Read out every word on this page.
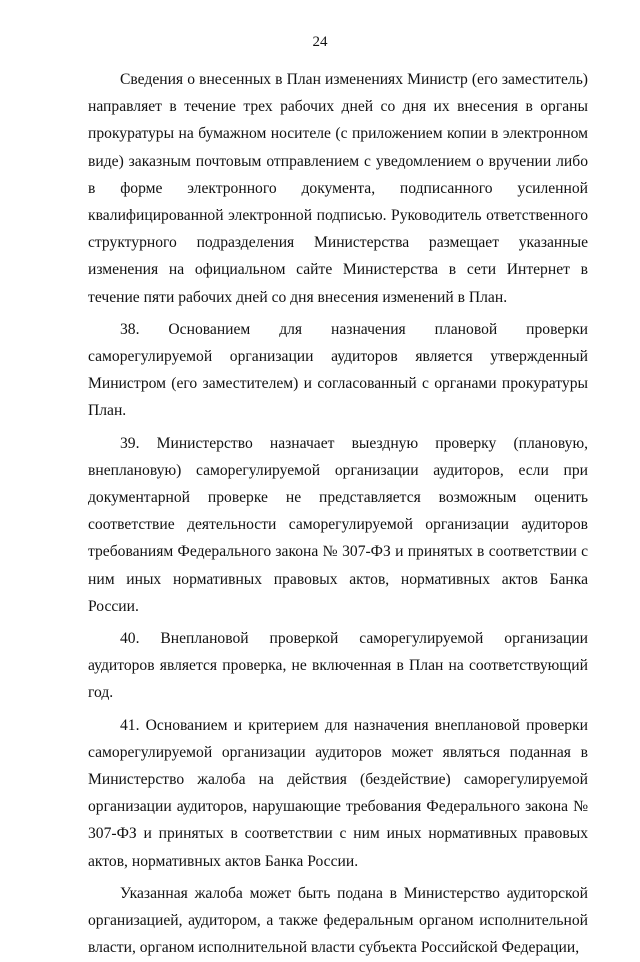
24

Сведения о внесенных в План изменениях Министр (его заместитель) направляет в течение трех рабочих дней со дня их внесения в органы прокуратуры на бумажном носителе (с приложением копии в электронном виде) заказным почтовым отправлением с уведомлением о вручении либо в форме электронного документа, подписанного усиленной квалифицированной электронной подписью. Руководитель ответственного структурного подразделения Министерства размещает указанные изменения на официальном сайте Министерства в сети Интернет в течение пяти рабочих дней со дня внесения изменений в План.

38. Основанием для назначения плановой проверки саморегулируемой организации аудиторов является утвержденный Министром (его заместителем) и согласованный с органами прокуратуры План.

39. Министерство назначает выездную проверку (плановую, внеплановую) саморегулируемой организации аудиторов, если при документарной проверке не представляется возможным оценить соответствие деятельности саморегулируемой организации аудиторов требованиям Федерального закона № 307-ФЗ и принятых в соответствии с ним иных нормативных правовых актов, нормативных актов Банка России.

40. Внеплановой проверкой саморегулируемой организации аудиторов является проверка, не включенная в План на соответствующий год.

41. Основанием и критерием для назначения внеплановой проверки саморегулируемой организации аудиторов может являться поданная в Министерство жалоба на действия (бездействие) саморегулируемой организации аудиторов, нарушающие требования Федерального закона № 307-ФЗ и принятых в соответствии с ним иных нормативных правовых актов, нормативных актов Банка России.

Указанная жалоба может быть подана в Министерство аудиторской организацией, аудитором, а также федеральным органом исполнительной власти, органом исполнительной власти субъекта Российской Федерации,
